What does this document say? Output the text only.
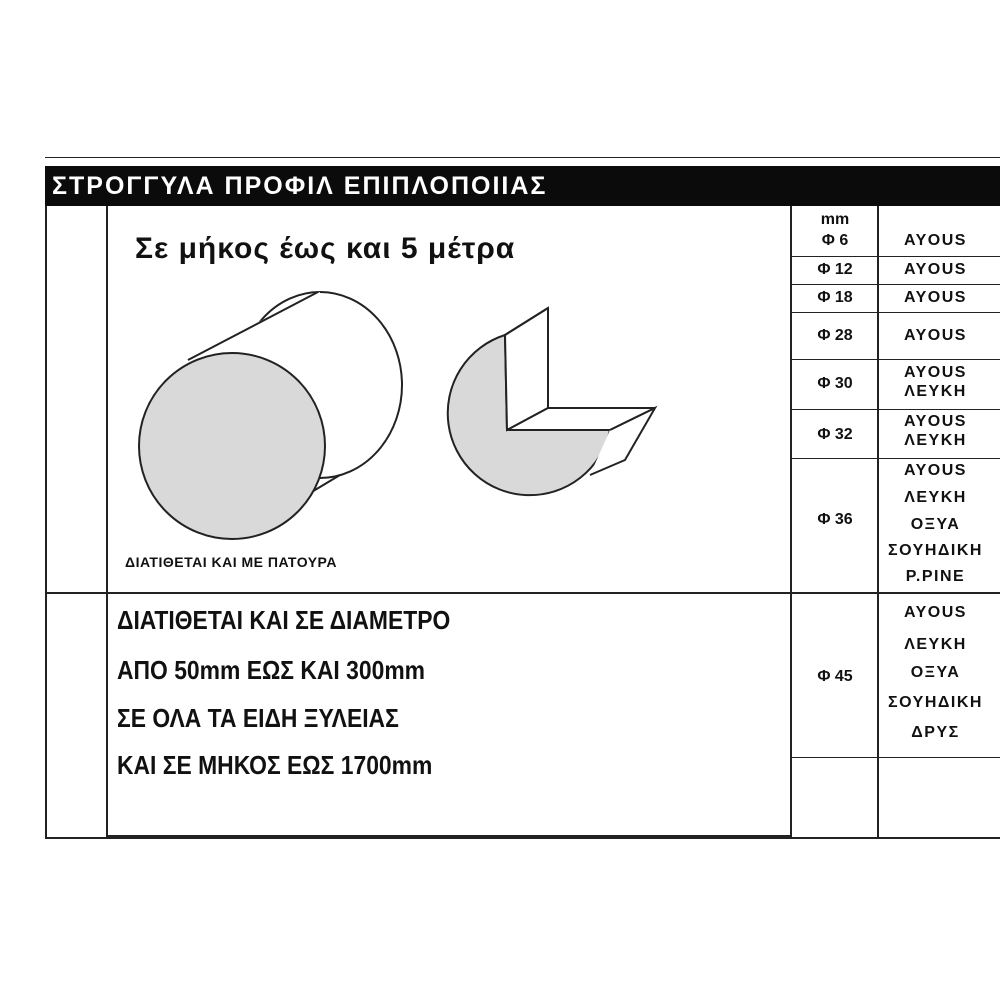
ΣΤΡΟΓΓΥΛΑ ΠΡΟΦΙΛ ΕΠΙΠΛΟΠΟΙΙΑΣ
Σε μήκος έως και 5 μέτρα
ΔΙΑΤΙΘΕΤΑΙ ΚΑΙ ΜΕ ΠΑΤΟΥΡΑ
ΔΙΑΤΙΘΕΤΑΙ ΚΑΙ ΣΕ ΔΙΑΜΕΤΡΟ
ΑΠΟ 50mm ΕΩΣ ΚΑΙ 300mm
ΣΕ ΟΛΑ ΤΑ ΕΙΔΗ ΞΥΛΕΙΑΣ
ΚΑΙ ΣΕ ΜΗΚΟΣ ΕΩΣ 1700mm
mm
Φ 6
Φ 12
Φ 18
Φ 28
Φ 30
Φ 32
Φ 36
Φ 45
AYOUS
AYOUS
AYOUS
AYOUS
AYOUS
ΛΕΥΚΗ
AYOUS
ΛΕΥΚΗ
AYOUS
ΛΕΥΚΗ
ΟΞΥΑ
ΣΟΥΗΔΙΚΗ
P.PINE
AYOUS
ΛΕΥΚΗ
ΟΞΥΑ
ΣΟΥΗΔΙΚΗ
ΔΡΥΣ
